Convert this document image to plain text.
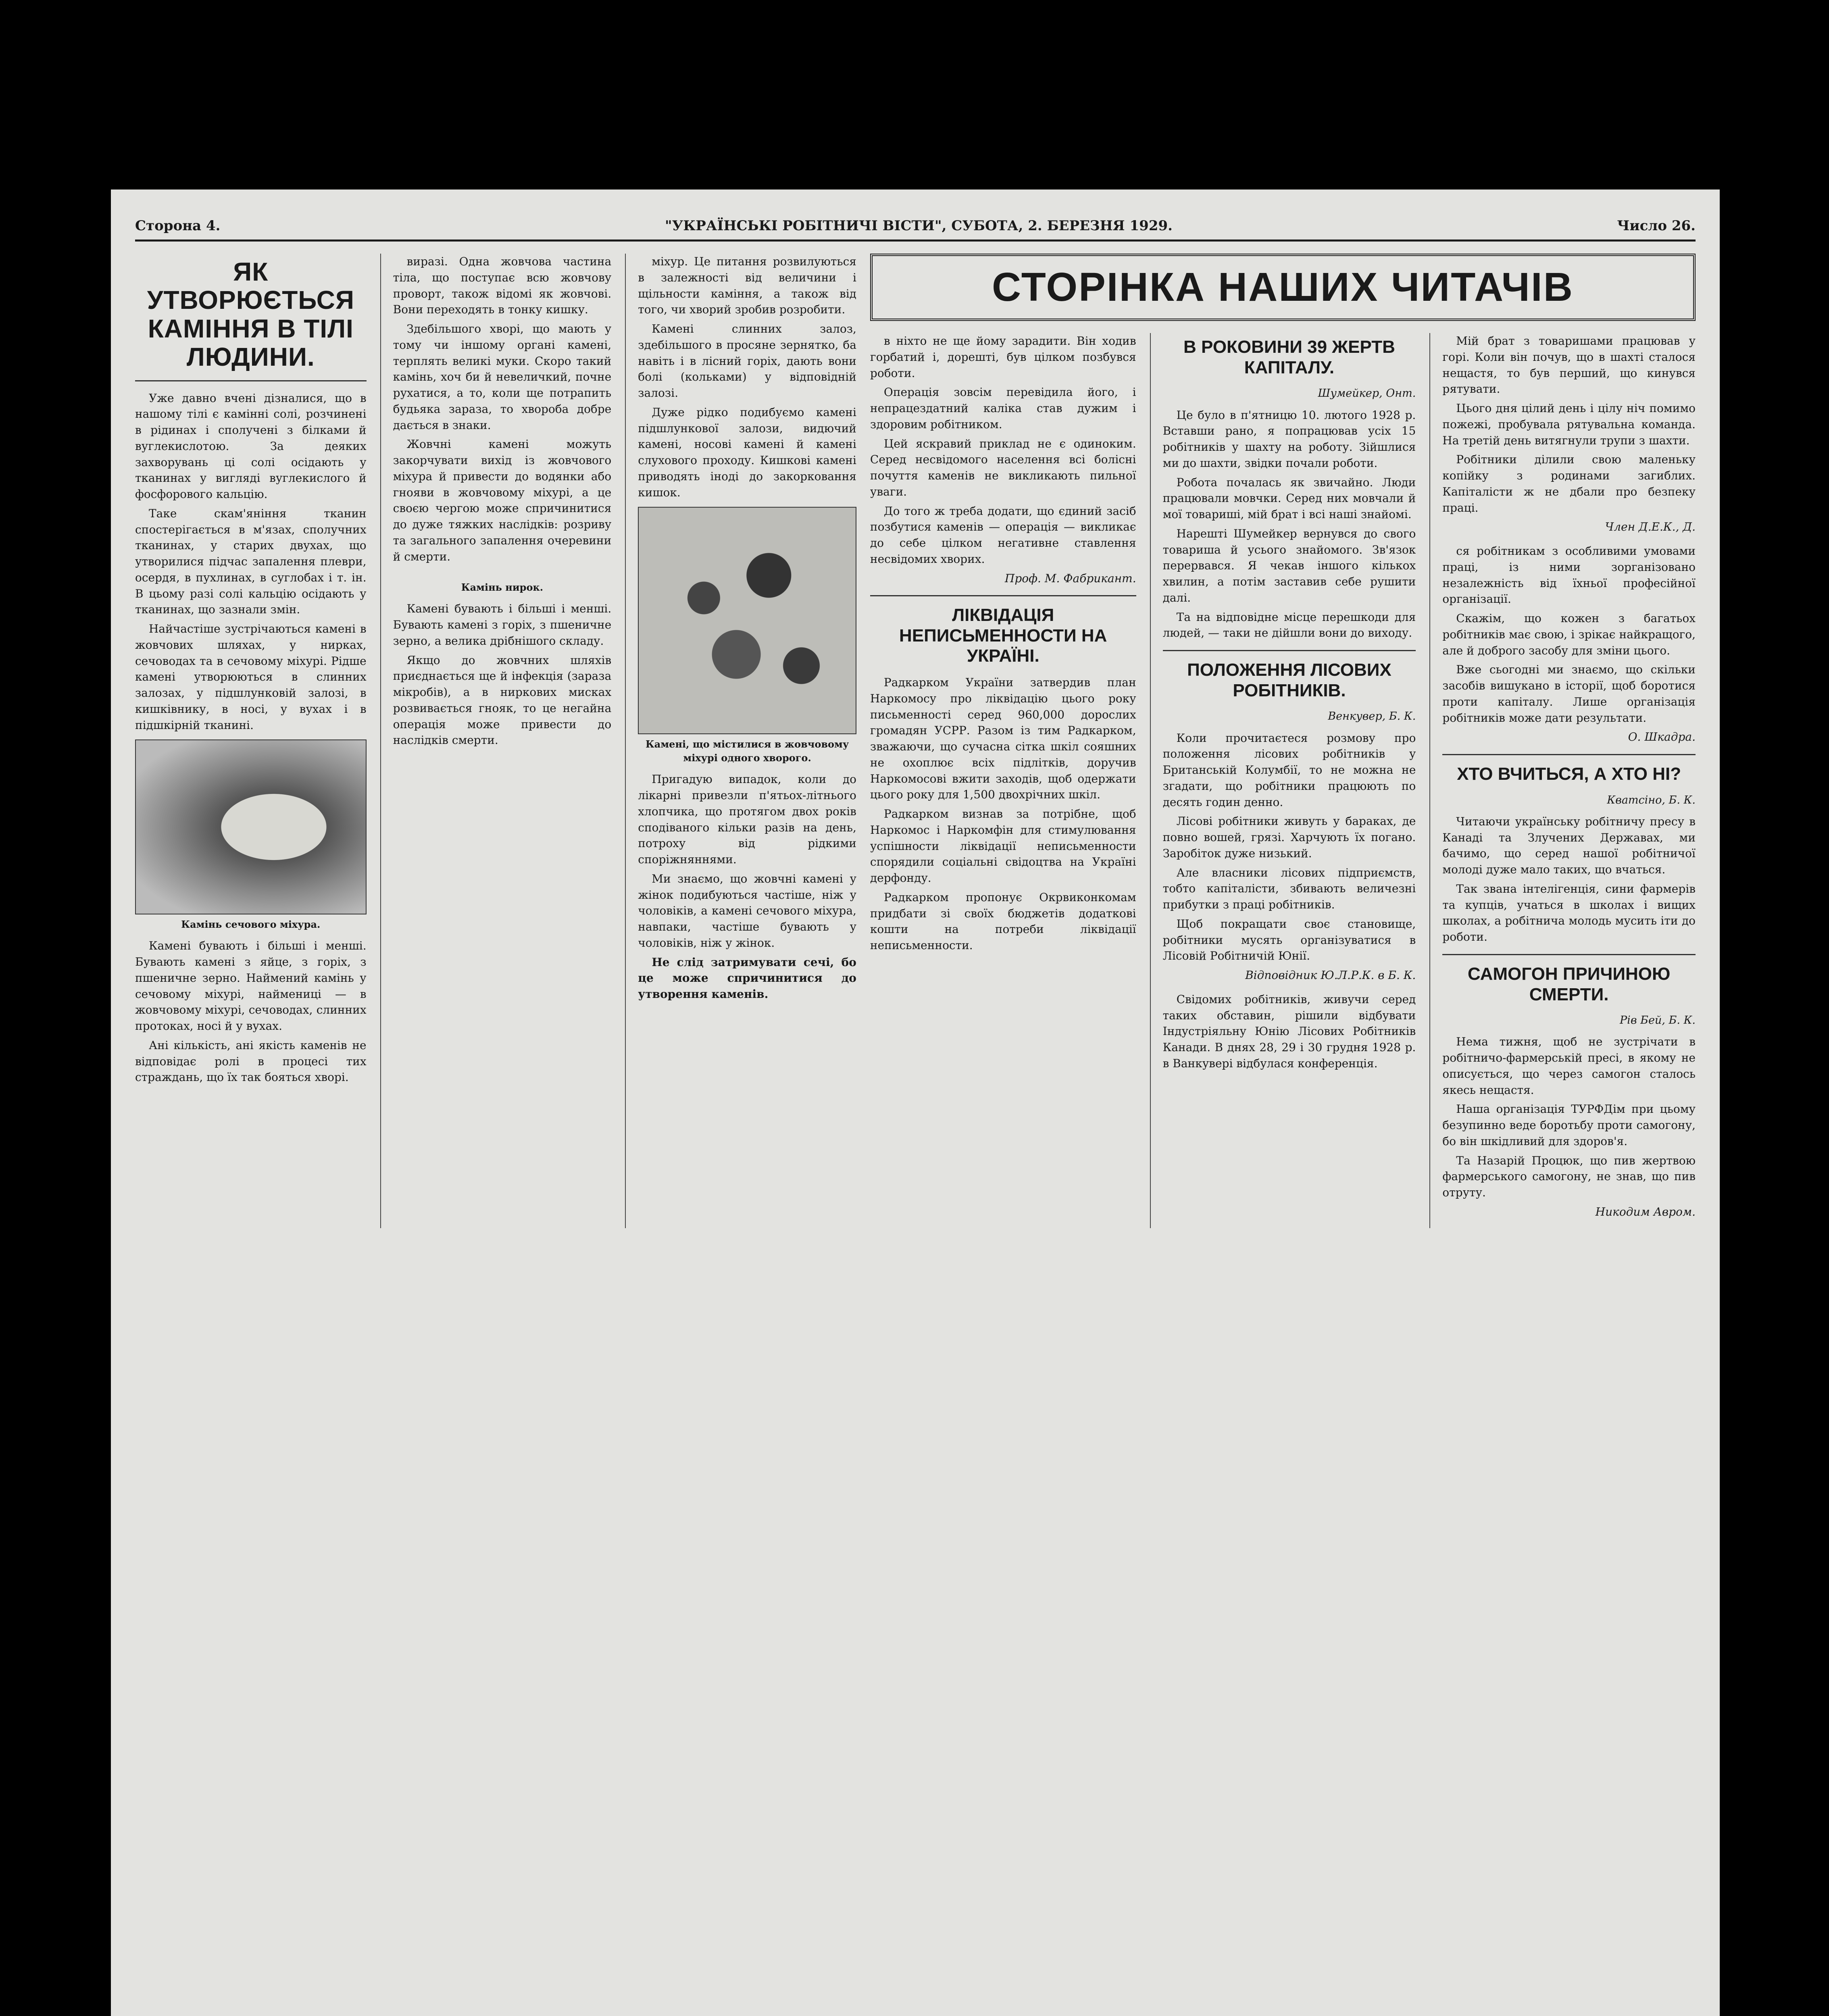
Сторона 4.	"УКРАЇНСЬКІ РОБІТНИЧІ ВІСТИ", СУБОТА, 2. БЕРЕЗНЯ 1929.	Число 26.
ЯК УТВОРЮЄТЬСЯ КАМІННЯ В ТІЛІ ЛЮДИНИ.

Уже давно вчені дізналися, що в нашому тілі є камінні солі, розчинені в рідинах і сполучені з білками й вуглекислотою. За деяких захворувань ці солі осідають у тканинах у вигляді вуглекислого й фосфорового кальцію.

Таке скам'яніння тканин спостерігається в м'язах, сполучних тканинах, у старих двухах, що утворилися підчас запалення плеври, осердя, в пухлинах, в суглобах і т. ін. В цьому разі солі кальцію осідають у тканинах, що зазнали змін.

Найчастіше зустрічаються камені в жовчових шляхах, у нирках, сечоводах та в сечовому міхурі. Рідше камені утворюються в слинних залозах, у підшлунковій залозі, в кишківнику, в носі, у вухах і в підшкірній тканині.

Камінь сечового міхура.

Камені бувають і більші і менші. Бувають камені з яйце, з горіх, з пшеничне зерно. Наймений камінь у сечовому міхурі, наймениці — в жовчовому міхурі, сечоводах, слинних протоках, носі й у вухах.

Ані кількість, ані якість каменів не відповідає ролі в процесі тих страждань, що їх так бояться хворі.

виразі. Одна жовчова частина тіла, що поступає всю жовчову проворт, також відомі як жовчові. Вони переходять в тонку кишку.

Здебільшого хворі, що мають у тому чи іншому органі камені, терплять великі муки. Скоро такий камінь, хоч би й невеличкий, почне рухатися, а то, коли ще потрапить будьяка зараза, то хвороба добре дається в знаки.

Жовчні камені можуть закорчувати вихід із жовчового міхура й привести до водянки або гнояви в жовчовому міхурі, а це своєю чергою може спричинитися до дуже тяжких наслідків: розриву та загального запалення очеревини й смерти.

Камінь нирок.

Камені бувають і більші і менші. Бувають камені з горіх, з пшеничне зерно, а велика дрібнішого складу.

Якщо до жовчних шляхів приєднається ще й інфекція (зараза мікробів), а в ниркових мисках розвивається гнояк, то це негайна операція може привести до наслідків смерти.

міхур. Це питання розвилуються в залежності від величини і щільности каміння, а також від того, чи хворий зробив розробити.

Камені слинних залоз, здебільшого в просяне зернятко, ба навіть і в лісний горіх, дають вони болі (кольками) у відповідній залозі.

Дуже рідко подибуємо камені підшлункової залози, видючий камені, носові камені й камені слухового проходу. Кишкові камені приводять іноді до закорковання кишок.

Камені, що містилися в жовчовому міхурі одного хворого.

Пригадую випадок, коли до лікарні привезли п'ятьох-літнього хлопчика, що протягом двох років сподіваного кільки разів на день, потроху від рідкими споріжняннями.

Ми знаємо, що жовчні камені у жінок подибуються частіше, ніж у чоловіків, а камені сечового міхура, навпаки, частіше бувають у чоловіків, ніж у жінок.

Не слід затримувати сечі, бо це може спричинитися до утворення каменів.

СТОРІНКА НАШИХ ЧИТАЧІВ

в ніхто не ще йому зарадити. Він ходив горбатий і, дорешті, був цілком позбувся роботи.

Операція зовсім перевідила його, і непрацездатний каліка став дужим і здоровим робітником.

Цей яскравий приклад не є одиноким. Серед несвідомого населення всі болісні почуття каменів не викликають пильної уваги.

До того ж треба додати, що єдиний засіб позбутися каменів — операція — викликає до себе цілком негативне ставлення несвідомих хворих.

Проф. М. Фабрикант.
ЛІКВІДАЦІЯ НЕПИСЬМЕННОСТИ НА УКРАЇНІ.

Радкарком України затвердив план Наркомосу про ліквідацію цього року письменності серед 960,000 дорослих громадян УСРР. Разом із тим Радкарком, зважаючи, що сучасна сітка шкіл сояшних не охоплює всіх підлітків, доручив Наркомосові вжити заходів, щоб одержати цього року для 1,500 двохрічних шкіл.

Радкарком визнав за потрібне, щоб Наркомос і Наркомфін для стимулювання успішности ліквідації неписьменности спорядили соціальні свідоцтва на Україні дерфонду.

Радкарком пропонує Окрвиконкомам придбати зі своїх бюджетів додаткові кошти на потреби ліквідації неписьменности.

В РОКОВИНИ 39 ЖЕРТВ КАПІТАЛУ.
Шумейкер, Онт.

Це було в п'ятницю 10. лютого 1928 р. Вставши рано, я попрацював усіх 15 робітників у шахту на роботу. Зійшлися ми до шахти, звідки почали роботи.

Робота почалась як звичайно. Люди працювали мовчки. Серед них мовчали й мої товариші, мій брат і всі наші знайомі.

Нарешті Шумейкер вернувся до свого товариша й усього знайомого. Зв'язок перервався. Я чекав іншого кількох хвилин, а потім заставив себе рушити далі.

Та на відповідне місце перешкоди для людей, — таки не дійшли вони до виходу.

ПОЛОЖЕННЯ ЛІСОВИХ РОБІТНИКІВ.
Венкувер, Б. К.

Коли прочитаєтеся розмову про положення лісових робітників у Британській Колумбії, то не можна не згадати, що робітники працюють по десять годин денно.

Лісові робітники живуть у бараках, де повно вошей, грязі. Харчують їх погано. Заробіток дуже низький.

Але власники лісових підприємств, тобто капіталісти, збивають величезні прибутки з праці робітників.

Щоб покращати своє становище, робітники мусять організуватися в Лісовій Робітничій Юнії.

Відповідник Ю.Л.Р.К. в Б. К.

Свідомих робітників, живучи серед таких обставин, рішили відбувати Індустріяльну Юнію Лісових Робітників Канади. В днях 28, 29 і 30 грудня 1928 р. в Ванкувері відбулася конференція.

Мій брат з товаришами працював у горі. Коли він почув, що в шахті сталося нещастя, то був перший, що кинувся рятувати.

Цього дня цілий день і цілу ніч помимо пожежі, пробувала рятувальна команда. На третій день витягнули трупи з шахти.

Робітники ділили свою маленьку копійку з родинами загиблих. Капіталісти ж не дбали про безпеку праці.

Член Д.Е.К., Д.

ся робітникам з особливими умовами праці, із ними зорганізовано незалежність від їхньої професійної організації.

Скажім, що кожен з багатьох робітників має свою, і зрікає найкращого, але й доброго засобу для зміни цього.

Вже сьогодні ми знаємо, що скільки засобів вишукано в історії, щоб боротися проти капіталу. Лише організація робітників може дати результати.

О. Шкадра.
ХТО ВЧИТЬСЯ, А ХТО НІ?
Кватсіно, Б. К.

Читаючи українську робітничу пресу в Канаді та Злучених Державах, ми бачимо, що серед нашої робітничої молоді дуже мало таких, що вчаться.

Так звана інтелігенція, сини фармерів та купців, учаться в школах і вищих школах, а робітнича молодь мусить іти до роботи.

САМОГОН ПРИЧИНОЮ СМЕРТИ.
Рів Бей, Б. К.

Нема тижня, щоб не зустрічати в робітничо-фармерській пресі, в якому не описується, що через самогон сталось якесь нещастя.

Наша організація ТУРФДім при цьому безупинно веде боротьбу проти самогону, бо він шкідливий для здоров'я.

Та Назарій Процюк, що пив жертвою фармерського самогону, не знав, що пив отруту.

Никодим Авром.
